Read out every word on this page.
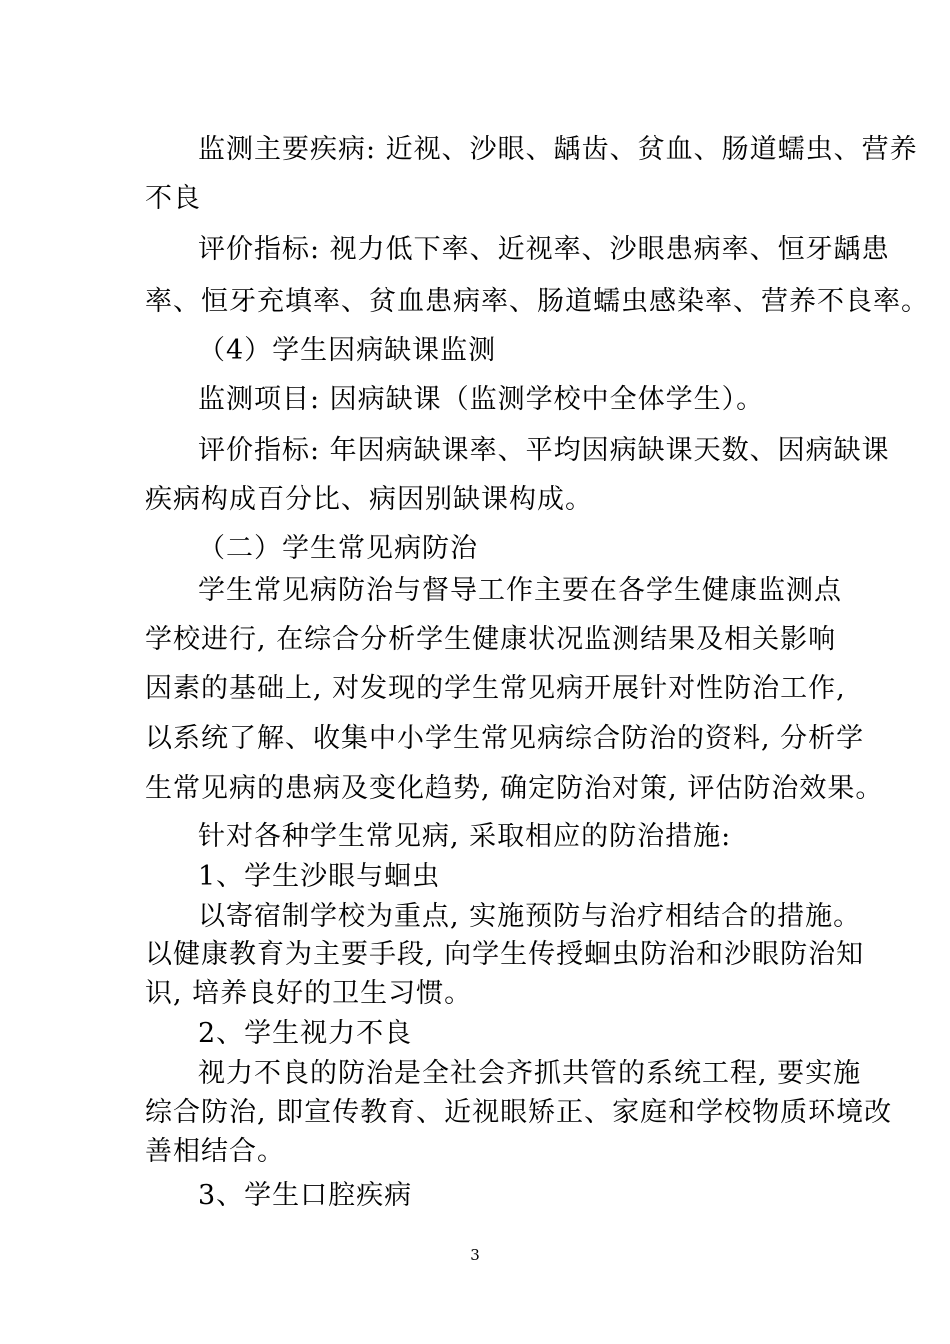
监测主要疾病: 近视、沙眼、龋齿、贫血、肠道蠕虫、营养
不良
评价指标: 视力低下率、近视率、沙眼患病率、恒牙龋患
率、恒牙充填率、贫血患病率、肠道蠕虫感染率、营养不良率。
（4）学生因病缺课监测
监测项目: 因病缺课（监测学校中全体学生）。
评价指标: 年因病缺课率、平均因病缺课天数、因病缺课
疾病构成百分比、病因别缺课构成。
（二）学生常见病防治
学生常见病防治与督导工作主要在各学生健康监测点
学校进行, 在综合分析学生健康状况监测结果及相关影响
因素的基础上, 对发现的学生常见病开展针对性防治工作,
以系统了解、收集中小学生常见病综合防治的资料, 分析学
生常见病的患病及变化趋势, 确定防治对策, 评估防治效果。
针对各种学生常见病, 采取相应的防治措施:
1、学生沙眼与蛔虫
以寄宿制学校为重点, 实施预防与治疗相结合的措施。
以健康教育为主要手段, 向学生传授蛔虫防治和沙眼防治知
识, 培养良好的卫生习惯。
2、学生视力不良
视力不良的防治是全社会齐抓共管的系统工程, 要实施
综合防治, 即宣传教育、近视眼矫正、家庭和学校物质环境改
善相结合。
3、学生口腔疾病
3
